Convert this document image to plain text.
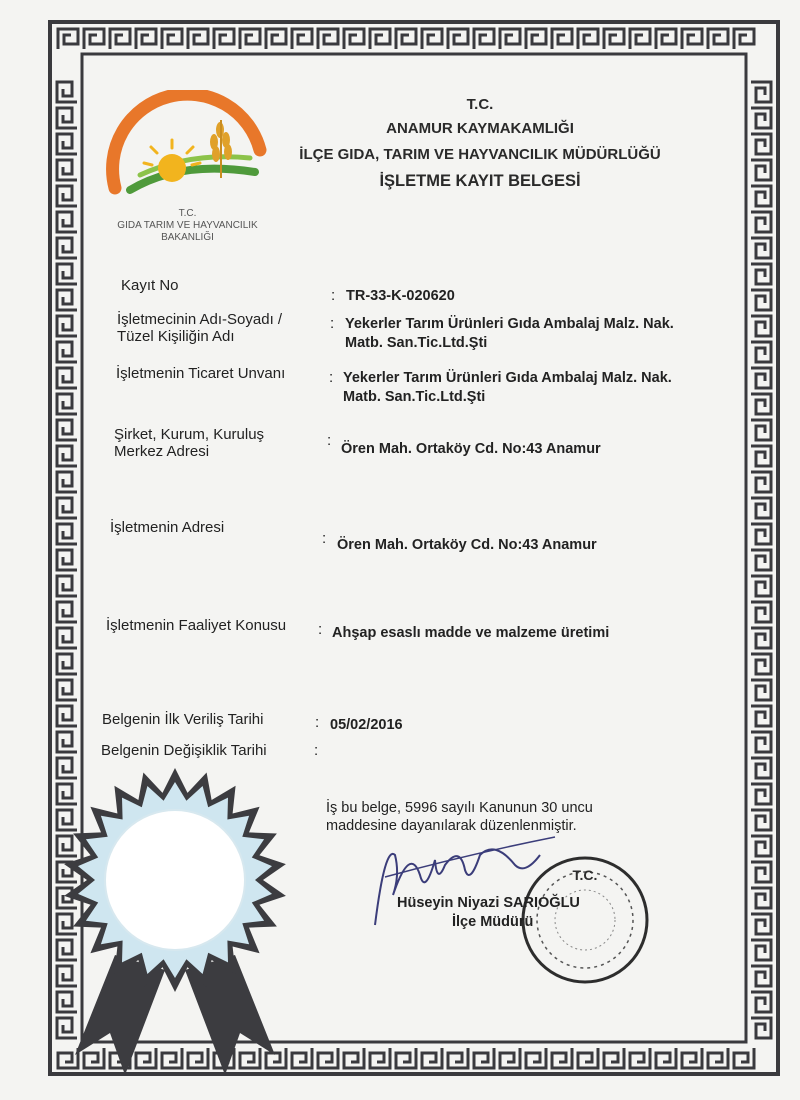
T.C.
ANAMUR KAYMAKAMLIĞI
İLÇE GIDA, TARIM VE HAYVANCILIK MÜDÜRLÜĞÜ
İŞLETME KAYIT BELGESİ
T.C.
GIDA TARIM VE HAYVANCILIK
BAKANLIĞI
Kayıt No
: TR-33-K-020620
İşletmecinin Adı-Soyadı /
Tüzel Kişiliğin Adı
: Yekerler Tarım Ürünleri Gıda Ambalaj Malz. Nak.
Matb. San.Tic.Ltd.Şti
İşletmenin Ticaret Unvanı	: Yekerler Tarım Ürünleri Gıda Ambalaj Malz. Nak.
Matb. San.Tic.Ltd.Şti
Şirket, Kurum, Kuruluş
Merkez Adresi
: Ören Mah. Ortaköy Cd. No:43 Anamur
İşletmenin Adresi
: Ören Mah. Ortaköy Cd. No:43 Anamur
İşletmenin Faaliyet Konusu : Ahşap esaslı madde ve malzeme üretimi
Belgenin İlk Veriliş Tarihi	: 05/02/2016
Belgenin Değişiklik Tarihi	:
İş bu belge, 5996 sayılı Kanunun 30 uncu
maddesine dayanılarak düzenlenmiştir.
T.C.
Hüseyin Niyazi SARIOĞLU
İlçe Müdürü
